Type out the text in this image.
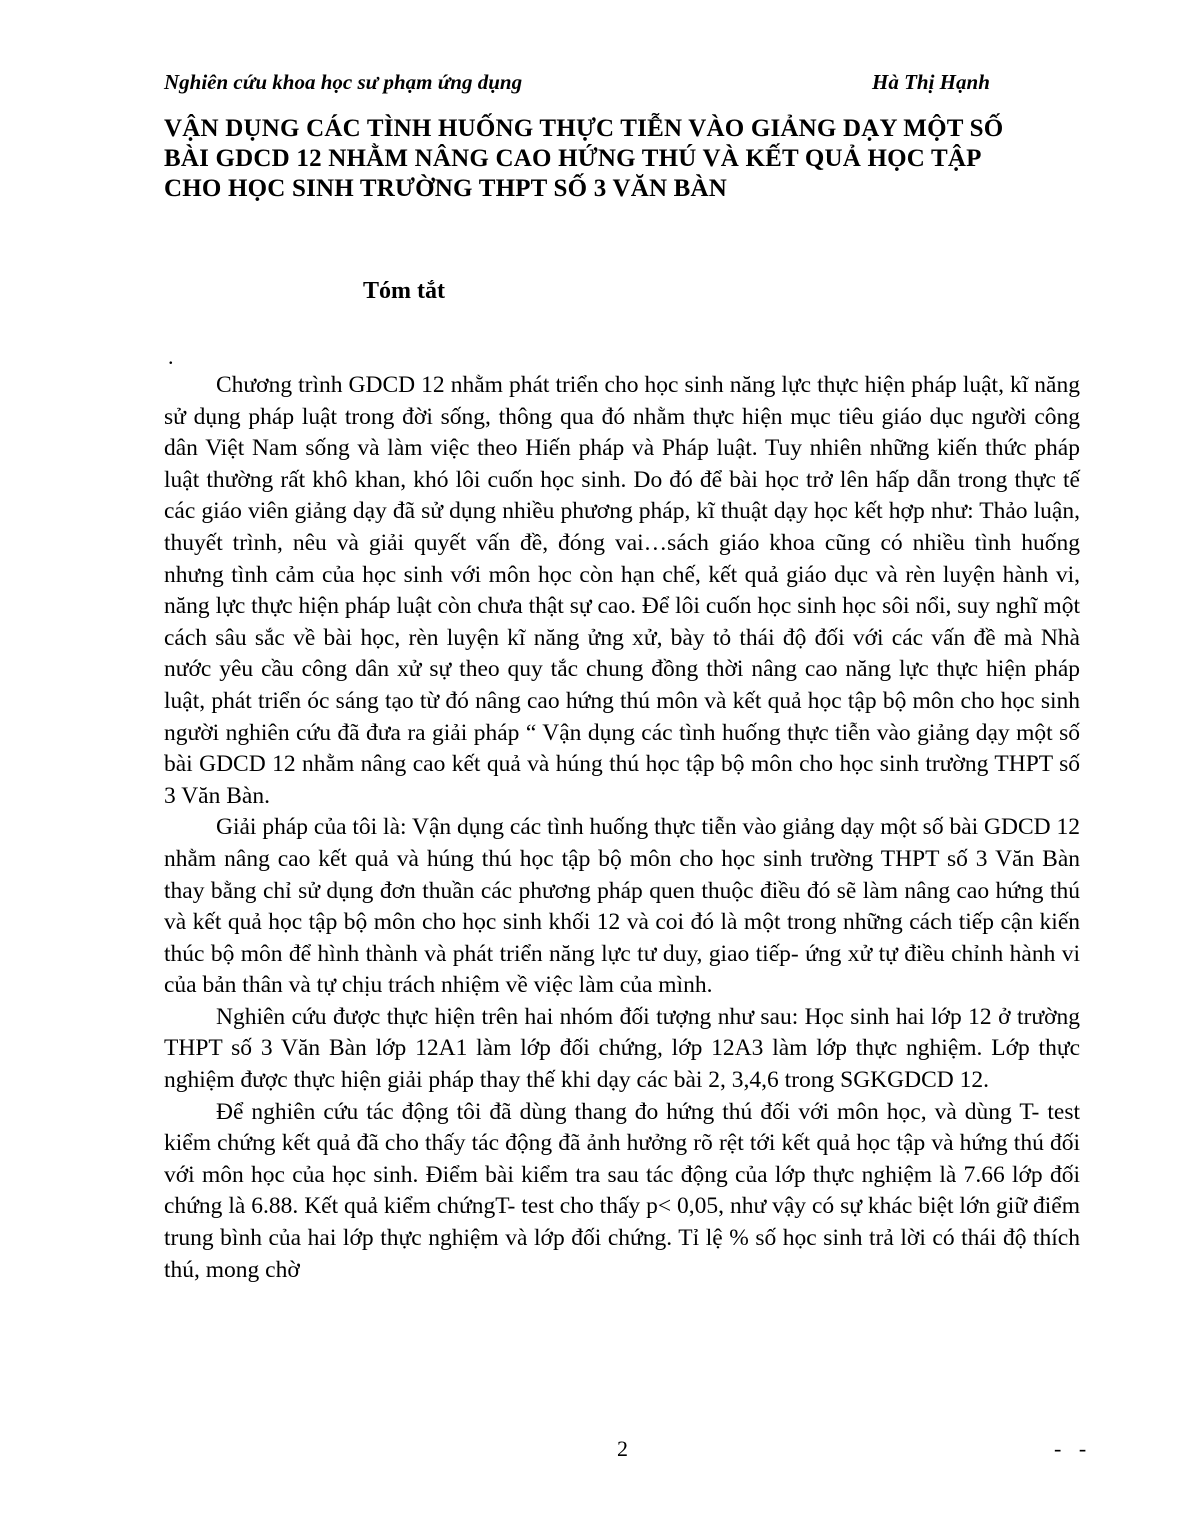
Nghiên cứu khoa học sư phạm ứng dụng	Hà Thị Hạnh
VẬN DỤNG CÁC TÌNH HUỐNG THỰC TIỄN VÀO GIẢNG DẠY MỘT SỐ
BÀI GDCD 12 NHẰM NÂNG CAO HỨNG THÚ VÀ KẾT QUẢ HỌC TẬP
CHO HỌC SINH TRƯỜNG THPT SỐ 3 VĂN BÀN
Tóm tắt
.

Chương trình GDCD 12 nhằm phát triển cho học sinh năng lực thực hiện pháp luật, kĩ năng sử dụng pháp luật trong đời sống, thông qua đó nhằm thực hiện mục tiêu giáo dục người công dân Việt Nam sống và làm việc theo Hiến pháp và Pháp luật. Tuy nhiên những kiến thức pháp luật thường rất khô khan, khó lôi cuốn học sinh. Do đó để bài học trở lên hấp dẫn trong thực tế các giáo viên giảng dạy đã sử dụng nhiều phương pháp, kĩ thuật dạy học kết hợp như: Thảo luận, thuyết trình, nêu và giải quyết vấn đề, đóng vai…sách giáo khoa cũng có nhiều tình huống nhưng tình cảm của học sinh với môn học còn hạn chế, kết quả giáo dục và rèn luyện hành vi, năng lực thực hiện pháp luật còn chưa thật sự cao. Để lôi cuốn học sinh học sôi nổi, suy nghĩ một cách sâu sắc về bài học, rèn luyện kĩ năng ửng xử, bày tỏ thái độ đối với các vấn đề mà Nhà nước yêu cầu công dân xử sự theo quy tắc chung đồng thời nâng cao năng lực thực hiện pháp luật, phát triển óc sáng tạo từ đó nâng cao hứng thú môn và kết quả học tập bộ môn cho học sinh người nghiên cứu đã đưa ra giải pháp “ Vận dụng các tình huống thực tiễn vào giảng dạy một số bài GDCD 12 nhằm nâng cao kết quả và húng thú học tập bộ môn cho học sinh trường THPT số 3 Văn Bàn.

Giải pháp của tôi là: Vận dụng các tình huống thực tiễn vào giảng dạy một số bài GDCD 12 nhằm nâng cao kết quả và húng thú học tập bộ môn cho học sinh trường THPT số 3 Văn Bàn thay bằng chỉ sử dụng đơn thuần các phương pháp quen thuộc điều đó sẽ làm nâng cao hứng thú và kết quả học tập bộ môn cho học sinh khối 12 và coi đó là một trong những cách tiếp cận kiến thúc bộ môn để hình thành và phát triển năng lực tư duy, giao tiếp- ứng xử tự điều chỉnh hành vi của bản thân và tự chịu trách nhiệm về việc làm của mình.

Nghiên cứu được thực hiện trên hai nhóm đối tượng như sau: Học sinh hai lớp 12 ở trường THPT số 3 Văn Bàn lớp 12A1 làm lớp đối chứng, lớp 12A3 làm lớp thực nghiệm. Lớp thực nghiệm được thực hiện giải pháp thay thế khi dạy các bài 2, 3,4,6 trong SGKGDCD 12.

Để nghiên cứu tác động tôi đã dùng thang đo hứng thú đối với môn học, và dùng T- test kiểm chứng kết quả đã cho thấy tác động đã ảnh hưởng rõ rệt tới kết quả học tập và hứng thú đối với môn học của học sinh. Điểm bài kiểm tra sau tác động của lớp thực nghiệm là 7.66 lớp đối chứng là 6.88. Kết quả kiểm chứngT- test cho thấy p< 0,05, như vậy có sự khác biệt lớn giữ điểm trung bình của hai lớp thực nghiệm và lớp đối chứng. Tỉ lệ % số học sinh trả lời có thái độ thích thú, mong chờ

2	- -
